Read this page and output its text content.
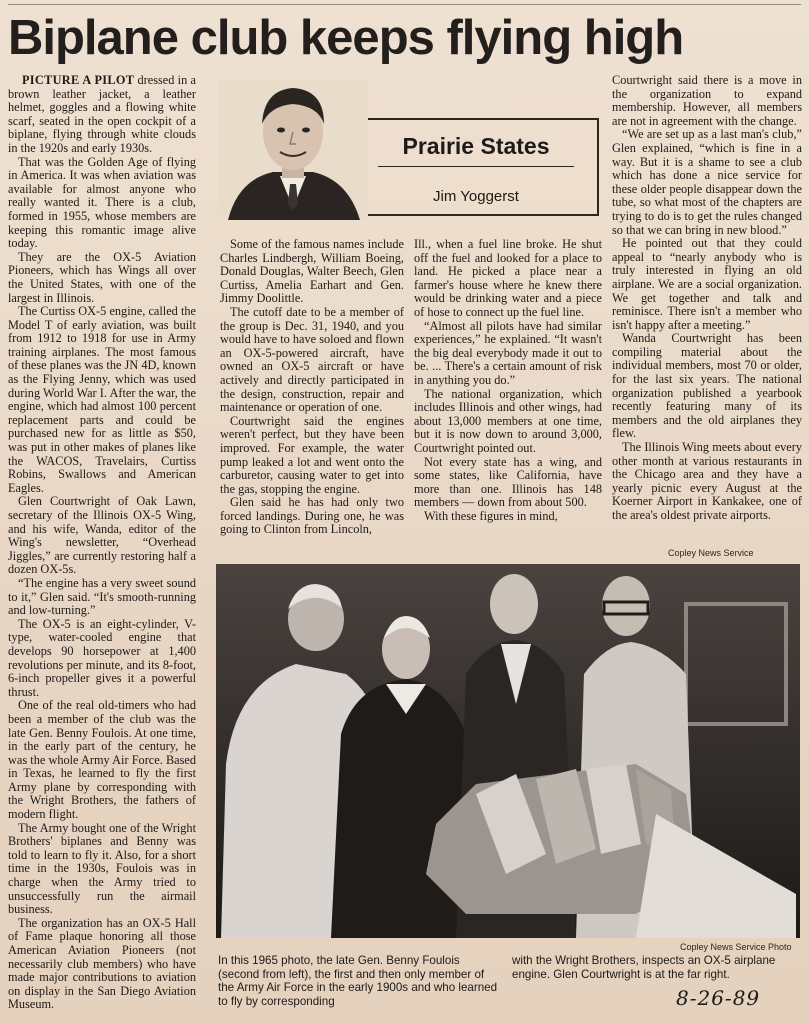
Biplane club keeps flying high

PICTURE A PILOT dressed in a brown leather jacket, a leather helmet, goggles and a flowing white scarf, seated in the open cockpit of a biplane, flying through white clouds in the 1920s and early 1930s.

That was the Golden Age of flying in America. It was when aviation was available for almost anyone who really wanted it. There is a club, formed in 1955, whose members are keeping this romantic image alive today.

They are the OX-5 Aviation Pioneers, which has Wings all over the United States, with one of the largest in Illinois.

The Curtiss OX-5 engine, called the Model T of early aviation, was built from 1912 to 1918 for use in Army training airplanes. The most famous of these planes was the JN 4D, known as the Flying Jenny, which was used during World War I. After the war, the engine, which had almost 100 percent replacement parts and could be purchased new for as little as $50, was put in other makes of planes like the WACOS, Travelairs, Curtiss Robins, Swallows and American Eagles.

Glen Courtwright of Oak Lawn, secretary of the Illinois OX-5 Wing, and his wife, Wanda, editor of the Wing's newsletter, “Overhead Jiggles,” are currently restoring half a dozen OX-5s.

“The engine has a very sweet sound to it,” Glen said. “It's smooth-running and low-turning.”

The OX-5 is an eight-cylinder, V-type, water-cooled engine that develops 90 horsepower at 1,400 revolutions per minute, and its 8-foot, 6-inch propeller gives it a powerful thrust.

One of the real old-timers who had been a member of the club was the late Gen. Benny Foulois. At one time, in the early part of the century, he was the whole Army Air Force. Based in Texas, he learned to fly the first Army plane by corresponding with the Wright Brothers, the fathers of modern flight.

The Army bought one of the Wright Brothers' biplanes and Benny was told to learn to fly it. Also, for a short time in the 1930s, Foulois was in charge when the Army tried to unsuccessfully run the airmail business.

The organization has an OX-5 Hall of Fame plaque honoring all those American Aviation Pioneers (not necessarily club members) who have made major contributions to aviation on display in the San Diego Aviation Museum.

Prairie States
Jim Yoggerst

Some of the famous names include Charles Lindbergh, William Boeing, Donald Douglas, Walter Beech, Glen Curtiss, Amelia Earhart and Gen. Jimmy Doolittle.

The cutoff date to be a member of the group is Dec. 31, 1940, and you would have to have soloed and flown an OX-5-powered aircraft, have owned an OX-5 aircraft or have actively and directly participated in the design, construction, repair and maintenance or operation of one.

Courtwright said the engines weren't perfect, but they have been improved. For example, the water pump leaked a lot and went onto the carburetor, causing water to get into the gas, stopping the engine.

Glen said he has had only two forced landings. During one, he was going to Clinton from Lincoln,

Ill., when a fuel line broke. He shut off the fuel and looked for a place to land. He picked a place near a farmer's house where he knew there would be drinking water and a piece of hose to connect up the fuel line.

“Almost all pilots have had similar experiences,” he explained. “It wasn't the big deal everybody made it out to be. ... There's a certain amount of risk in anything you do.”

The national organization, which includes Illinois and other wings, had about 13,000 members at one time, but it is now down to around 3,000, Courtwright pointed out.

Not every state has a wing, and some states, like California, have more than one. Illinois has 148 members — down from about 500.

With these figures in mind,

Courtwright said there is a move in the organization to expand membership. However, all members are not in agreement with the change.

“We are set up as a last man's club,” Glen explained, “which is fine in a way. But it is a shame to see a club which has done a nice service for these older people disappear down the tube, so what most of the chapters are trying to do is to get the rules changed so that we can bring in new blood.”

He pointed out that they could appeal to “nearly anybody who is truly interested in flying an old airplane. We are a social organization. We get together and talk and reminisce. There isn't a member who isn't happy after a meeting.”

Wanda Courtwright has been compiling material about the individual members, most 70 or older, for the last six years. The national organization published a yearbook recently featuring many of its members and the old airplanes they flew.

The Illinois Wing meets about every other month at various restaurants in the Chicago area and they have a yearly picnic every August at the Koerner Airport in Kankakee, one of the area's oldest private airports.

Copley News Service
Copley News Service Photo
In this 1965 photo, the late Gen. Benny Foulois (second from left), the first and then only member of the Army Air Force in the early 1900s and who learned to fly by corresponding
with the Wright Brothers, inspects an OX-5 airplane engine. Glen Courtwright is at the far right.
8-26-89
